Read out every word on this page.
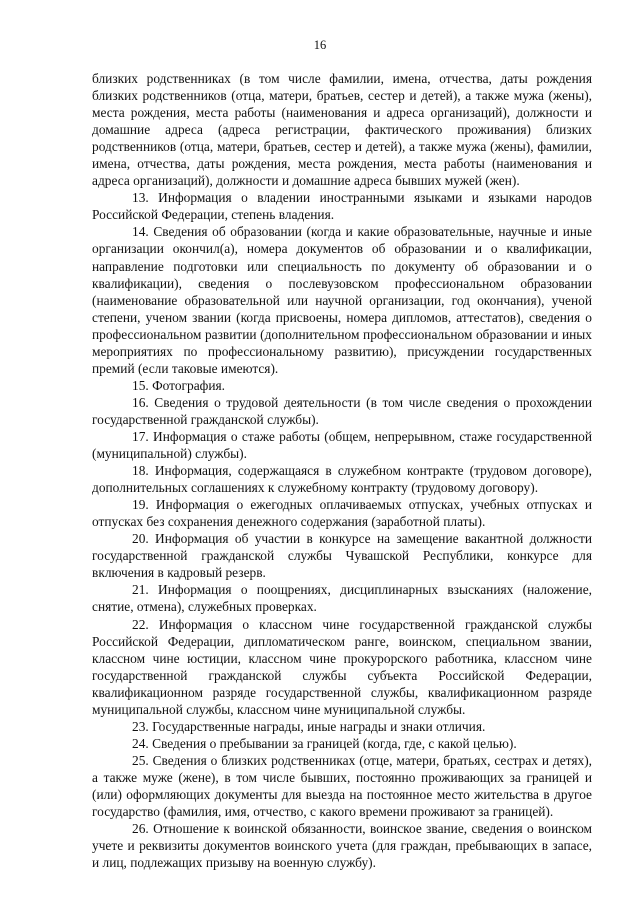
16

близких родственниках (в том числе фамилии, имена, отчества, даты рождения близких родственников (отца, матери, братьев, сестер и детей), а также мужа (жены), места рождения, места работы (наименования и адреса организаций), должности и домашние адреса (адреса регистрации, фактического проживания) близких родственников (отца, матери, братьев, сестер и детей), а также мужа (жены), фамилии, имена, отчества, даты рождения, места рождения, места работы (наименования и адреса организаций), должности и домашние адреса бывших мужей (жен).

13. Информация о владении иностранными языками и языками народов Российской Федерации, степень владения.

14. Сведения об образовании (когда и какие образовательные, научные и иные организации окончил(а), номера документов об образовании и о квалификации, направление подготовки или специальность по документу об образовании и о квалификации), сведения о послевузовском профессиональном образовании (наименование образовательной или научной организации, год окончания), ученой степени, ученом звании (когда присвоены, номера дипломов, аттестатов), сведения о профессиональном развитии (дополнительном профессиональном образовании и иных мероприятиях по профессиональному развитию), присуждении государственных премий (если таковые имеются).

15. Фотография.

16. Сведения о трудовой деятельности (в том числе сведения о прохождении государственной гражданской службы).

17. Информация о стаже работы (общем, непрерывном, стаже государственной (муниципальной) службы).

18. Информация, содержащаяся в служебном контракте (трудовом договоре), дополнительных соглашениях к служебному контракту (трудовому договору).

19. Информация о ежегодных оплачиваемых отпусках, учебных отпусках и отпусках без сохранения денежного содержания (заработной платы).

20. Информация об участии в конкурсе на замещение вакантной должности государственной гражданской службы Чувашской Республики, конкурсе для включения в кадровый резерв.

21. Информация о поощрениях, дисциплинарных взысканиях (наложение, снятие, отмена), служебных проверках.

22. Информация о классном чине государственной гражданской службы Российской Федерации, дипломатическом ранге, воинском, специальном звании, классном чине юстиции, классном чине прокурорского работника, классном чине государственной гражданской службы субъекта Российской Федерации, квалификационном разряде государственной службы, квалификационном разряде муниципальной службы, классном чине муниципальной службы.

23. Государственные награды, иные награды и знаки отличия.

24. Сведения о пребывании за границей (когда, где, с какой целью).

25. Сведения о близких родственниках (отце, матери, братьях, сестрах и детях), а также муже (жене), в том числе бывших, постоянно проживающих за границей и (или) оформляющих документы для выезда на постоянное место жительства в другое государство (фамилия, имя, отчество, с какого времени проживают за границей).

26. Отношение к воинской обязанности, воинское звание, сведения о воинском учете и реквизиты документов воинского учета (для граждан, пребывающих в запасе, и лиц, подлежащих призыву на военную службу).
